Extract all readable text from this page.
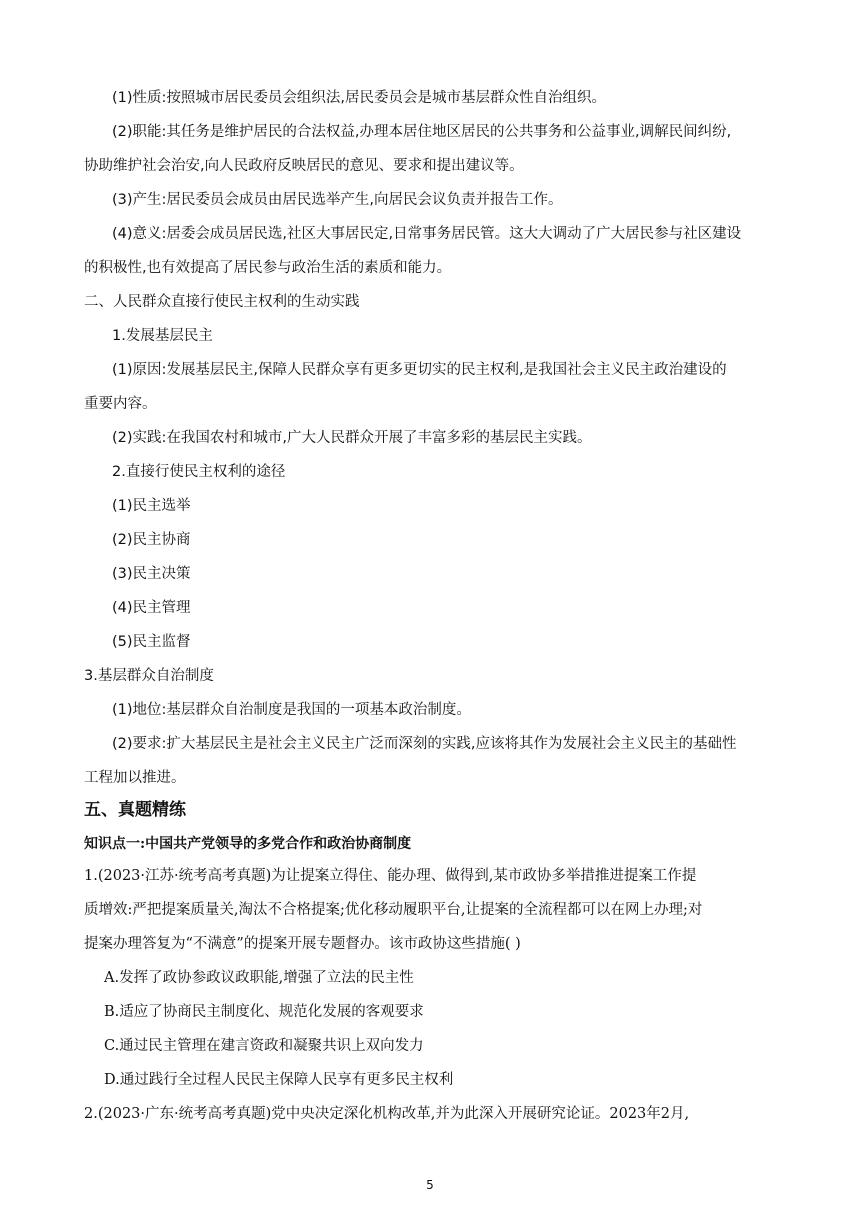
(1)性质:按照城市居民委员会组织法,居民委员会是城市基层群众性自治组织。
(2)职能:其任务是维护居民的合法权益,办理本居住地区居民的公共事务和公益事业,调解民间纠纷,
协助维护社会治安,向人民政府反映居民的意见、要求和提出建议等。
(3)产生:居民委员会成员由居民选举产生,向居民会议负责并报告工作。
(4)意义:居委会成员居民选,社区大事居民定,日常事务居民管。这大大调动了广大居民参与社区建设
的积极性,也有效提高了居民参与政治生活的素质和能力。
二、人民群众直接行使民主权利的生动实践
1.发展基层民主
(1)原因:发展基层民主,保障人民群众享有更多更切实的民主权利,是我国社会主义民主政治建设的
重要内容。
(2)实践:在我国农村和城市,广大人民群众开展了丰富多彩的基层民主实践。
2.直接行使民主权利的途径
(1)民主选举
(2)民主协商
(3)民主决策
(4)民主管理
(5)民主监督
3.基层群众自治制度
(1)地位:基层群众自治制度是我国的一项基本政治制度。
(2)要求:扩大基层民主是社会主义民主广泛而深刻的实践,应该将其作为发展社会主义民主的基础性
工程加以推进。
五、真题精练
知识点一:中国共产党领导的多党合作和政治协商制度
1.(2023·江苏·统考高考真题)为让提案立得住、能办理、做得到,某市政协多举措推进提案工作提
质增效:严把提案质量关,淘汰不合格提案;优化移动履职平台,让提案的全流程都可以在网上办理;对
提案办理答复为“不满意”的提案开展专题督办。该市政协这些措施( )
A.发挥了政协参政议政职能,增强了立法的民主性
B.适应了协商民主制度化、规范化发展的客观要求
C.通过民主管理在建言资政和凝聚共识上双向发力
D.通过践行全过程人民民主保障人民享有更多民主权利
2.(2023·广东·统考高考真题)党中央决定深化机构改革,并为此深入开展研究论证。2023年2月,
5
